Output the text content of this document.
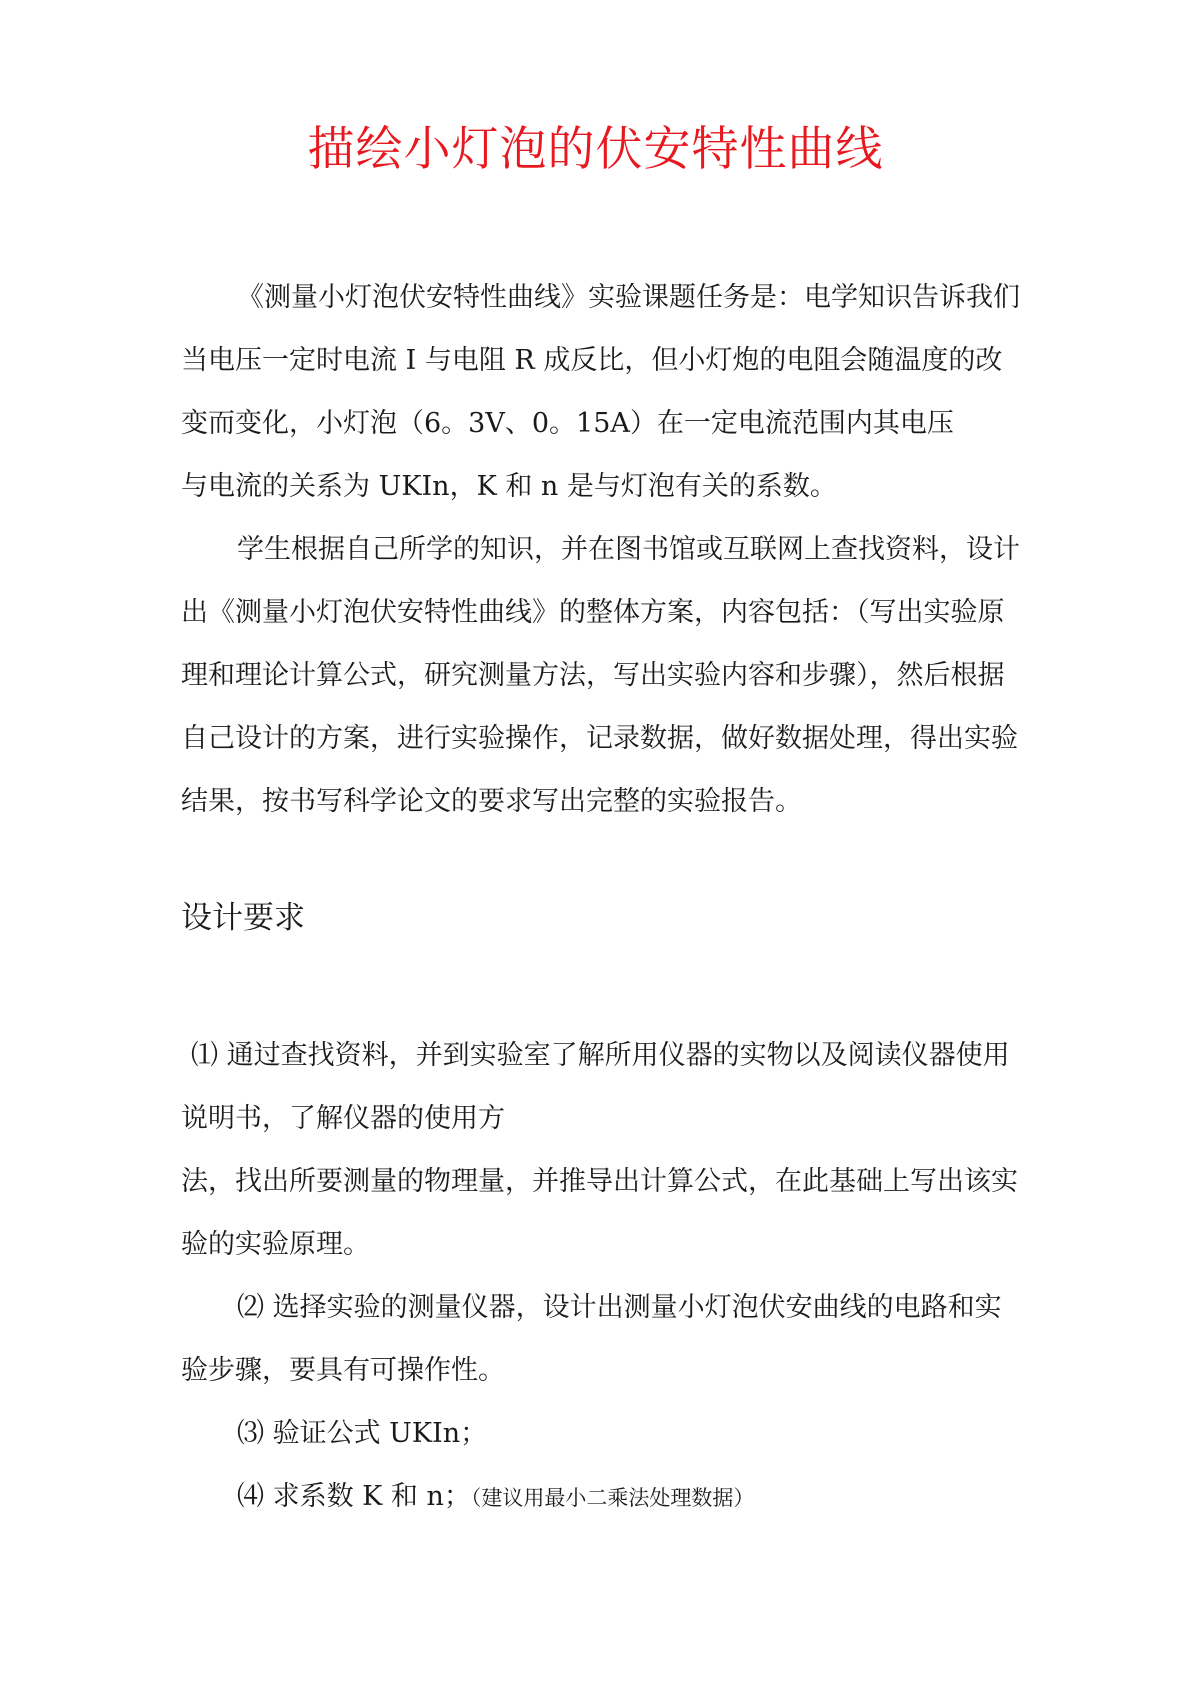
描绘小灯泡的伏安特性曲线

《测量小灯泡伏安特性曲线》实验课题任务是：电学知识告诉我们当电压一定时电流 I 与电阻 R 成反比，但小灯炮的电阻会随温度的改变而变化，小灯泡（6。3V、0。15A）在一定电流范围内其电压

与电流的关系为 UKIn，K 和 n 是与灯泡有关的系数。

学生根据自己所学的知识，并在图书馆或互联网上查找资料，设计出《测量小灯泡伏安特性曲线》的整体方案，内容包括：（写出实验原理和理论计算公式，研究测量方法，写出实验内容和步骤），然后根据自己设计的方案，进行实验操作，记录数据，做好数据处理，得出实验结果，按书写科学论文的要求写出完整的实验报告。

设计要求

⑴ 通过查找资料，并到实验室了解所用仪器的实物以及阅读仪器使用说明书，了解仪器的使用方

法，找出所要测量的物理量，并推导出计算公式，在此基础上写出该实验的实验原理。

⑵ 选择实验的测量仪器，设计出测量小灯泡伏安曲线的电路和实验步骤，要具有可操作性。

⑶ 验证公式 UKIn；

⑷ 求系数 K 和 n；（建议用最小二乘法处理数据）
